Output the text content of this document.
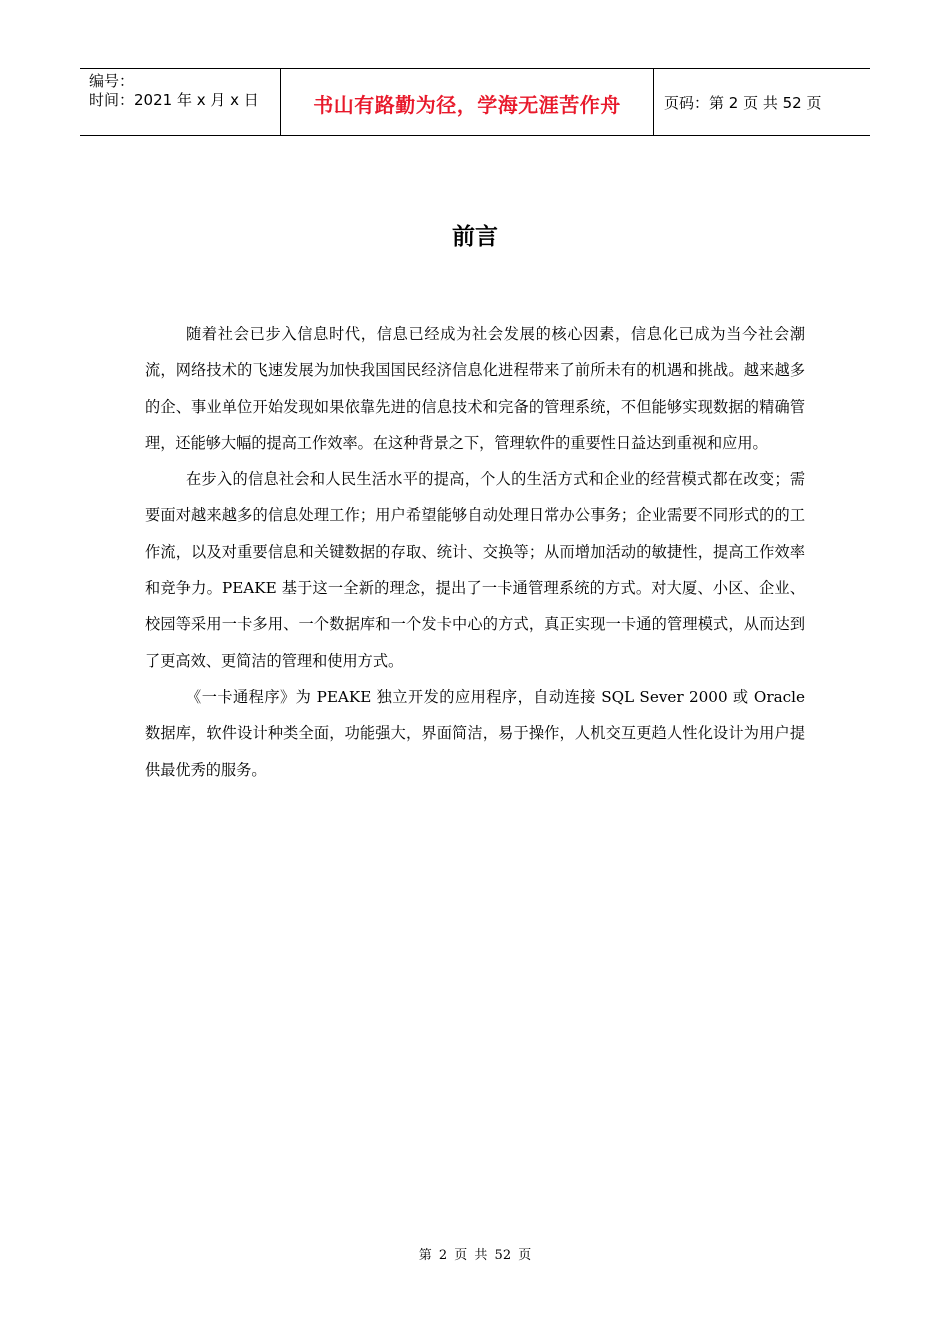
编号：
时间：2021 年 x 月 x 日	书山有路勤为径，学海无涯苦作舟	页码：第 2 页 共 52 页
前言

随着社会已步入信息时代，信息已经成为社会发展的核心因素，信息化已成为当今社会潮流，网络技术的飞速发展为加快我国国民经济信息化进程带来了前所未有的机遇和挑战。越来越多的企、事业单位开始发现如果依靠先进的信息技术和完备的管理系统，不但能够实现数据的精确管理，还能够大幅的提高工作效率。在这种背景之下，管理软件的重要性日益达到重视和应用。

在步入的信息社会和人民生活水平的提高，个人的生活方式和企业的经营模式都在改变；需要面对越来越多的信息处理工作；用户希望能够自动处理日常办公事务；企业需要不同形式的的工作流，以及对重要信息和关键数据的存取、统计、交换等；从而增加活动的敏捷性，提高工作效率和竞争力。PEAKE 基于这一全新的理念，提出了一卡通管理系统的方式。对大厦、小区、企业、校园等采用一卡多用、一个数据库和一个发卡中心的方式，真正实现一卡通的管理模式，从而达到了更高效、更简洁的管理和使用方式。

《一卡通程序》为 PEAKE 独立开发的应用程序，自动连接 SQL Sever 2000 或 Oracle 数据库，软件设计种类全面，功能强大，界面简洁，易于操作，人机交互更趋人性化设计为用户提供最优秀的服务。

第 2 页 共 52 页
